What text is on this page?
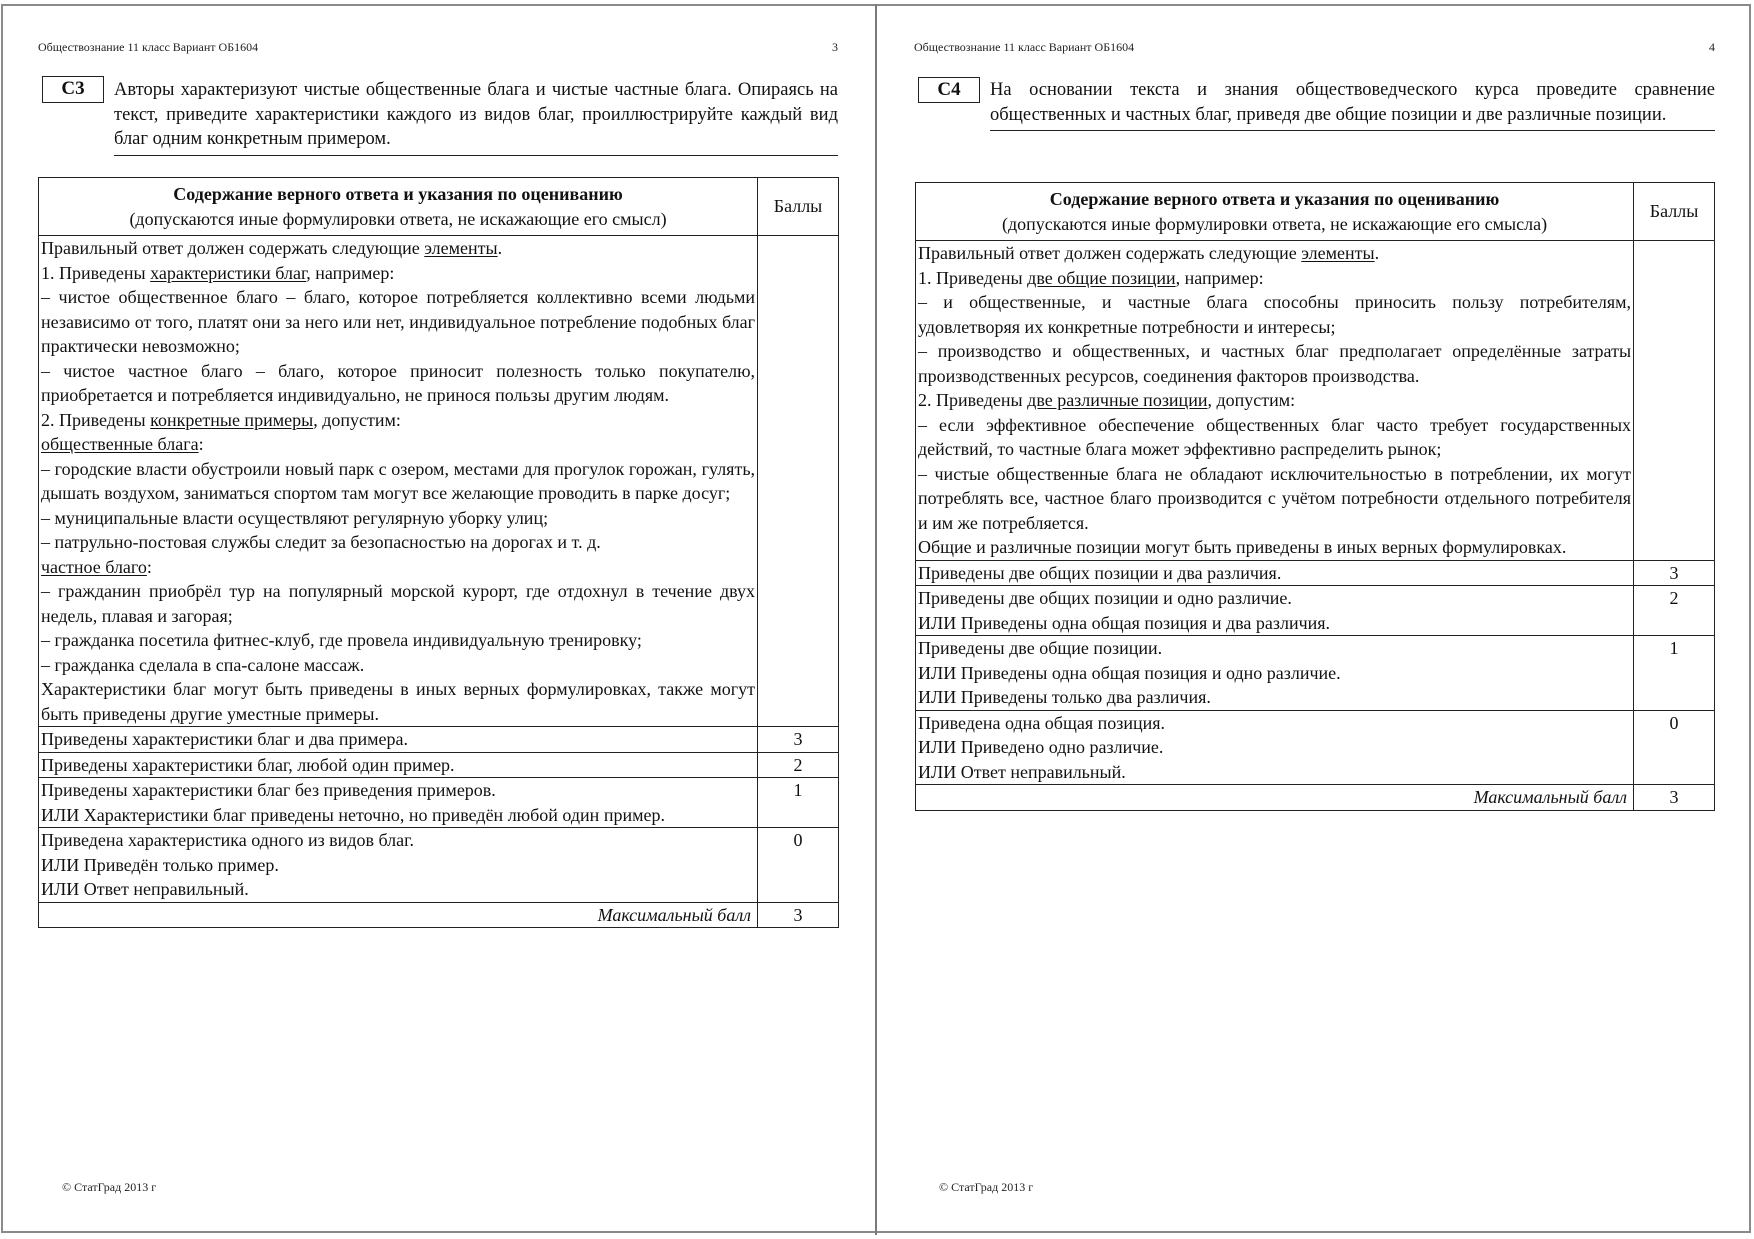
Обществознание 11 класс Вариант ОБ1604	3
С3	Авторы характеризуют чистые общественные блага и чистые частные блага. Опираясь на текст, приведите характеристики каждого из видов благ, проиллюстрируйте каждый вид благ одним конкретным примером.
Содержание верного ответа и указания по оцениванию
(допускаются иные формулировки ответа, не искажающие его смысл)	Баллы

Правильный ответ должен содержать следующие элементы.
1. Приведены характеристики благ, например:
– чистое общественное благо – благо, которое потребляется коллективно всеми людьми независимо от того, платят они за него или нет, индивидуальное потребление подобных благ практически невозможно;
– чистое частное благо – благо, которое приносит полезность только покупателю, приобретается и потребляется индивидуально, не принося пользы другим людям.
2. Приведены конкретные примеры, допустим:
общественные блага:
– городские власти обустроили новый парк с озером, местами для прогулок горожан, гулять, дышать воздухом, заниматься спортом там могут все желающие проводить в парке досуг;
– муниципальные власти осуществляют регулярную уборку улиц;
– патрульно-постовая службы следит за безопасностью на дорогах и т. д.
частное благо:
– гражданин приобрёл тур на популярный морской курорт, где отдохнул в течение двух недель, плавая и загорая;
– гражданка посетила фитнес-клуб, где провела индивидуальную тренировку;
– гражданка сделала в спа-салоне массаж.
Характеристики благ могут быть приведены в иных верных формулировках, также могут быть приведены другие уместные примеры.

Приведены характеристики благ и два примера.	3

Приведены характеристики благ, любой один пример.	2

Приведены характеристики благ без приведения примеров.
ИЛИ Характеристики благ приведены неточно, но приведён любой один пример.	1

Приведена характеристика одного из видов благ.
ИЛИ Приведён только пример.
ИЛИ Ответ неправильный.	0
Максимальный балл	3
© СтатГрад 2013 г
Обществознание 11 класс Вариант ОБ1604	4
С4	На основании текста и знания обществоведческого курса проведите сравнение общественных и частных благ, приведя две общие позиции и две различные позиции.
Содержание верного ответа и указания по оцениванию
(допускаются иные формулировки ответа, не искажающие его смысла)	Баллы

Правильный ответ должен содержать следующие элементы.
1. Приведены две общие позиции, например:
– и общественные, и частные блага способны приносить пользу потребителям, удовлетворяя их конкретные потребности и интересы;
– производство и общественных, и частных благ предполагает определённые затраты производственных ресурсов, соединения факторов производства.
2. Приведены две различные позиции, допустим:
– если эффективное обеспечение общественных благ часто требует государственных действий, то частные блага может эффективно распределить рынок;
– чистые общественные блага не обладают исключительностью в потреблении, их могут потреблять все, частное благо производится с учётом потребности отдельного потребителя и им же потребляется.
Общие и различные позиции могут быть приведены в иных верных формулировках.

Приведены две общих позиции и два различия.	3

Приведены две общих позиции и одно различие.
ИЛИ Приведены одна общая позиция и два различия.	2

Приведены две общие позиции.
ИЛИ Приведены одна общая позиция и одно различие.
ИЛИ Приведены только два различия.	1

Приведена одна общая позиция.
ИЛИ Приведено одно различие.
ИЛИ Ответ неправильный.	0
Максимальный балл	3
© СтатГрад 2013 г
